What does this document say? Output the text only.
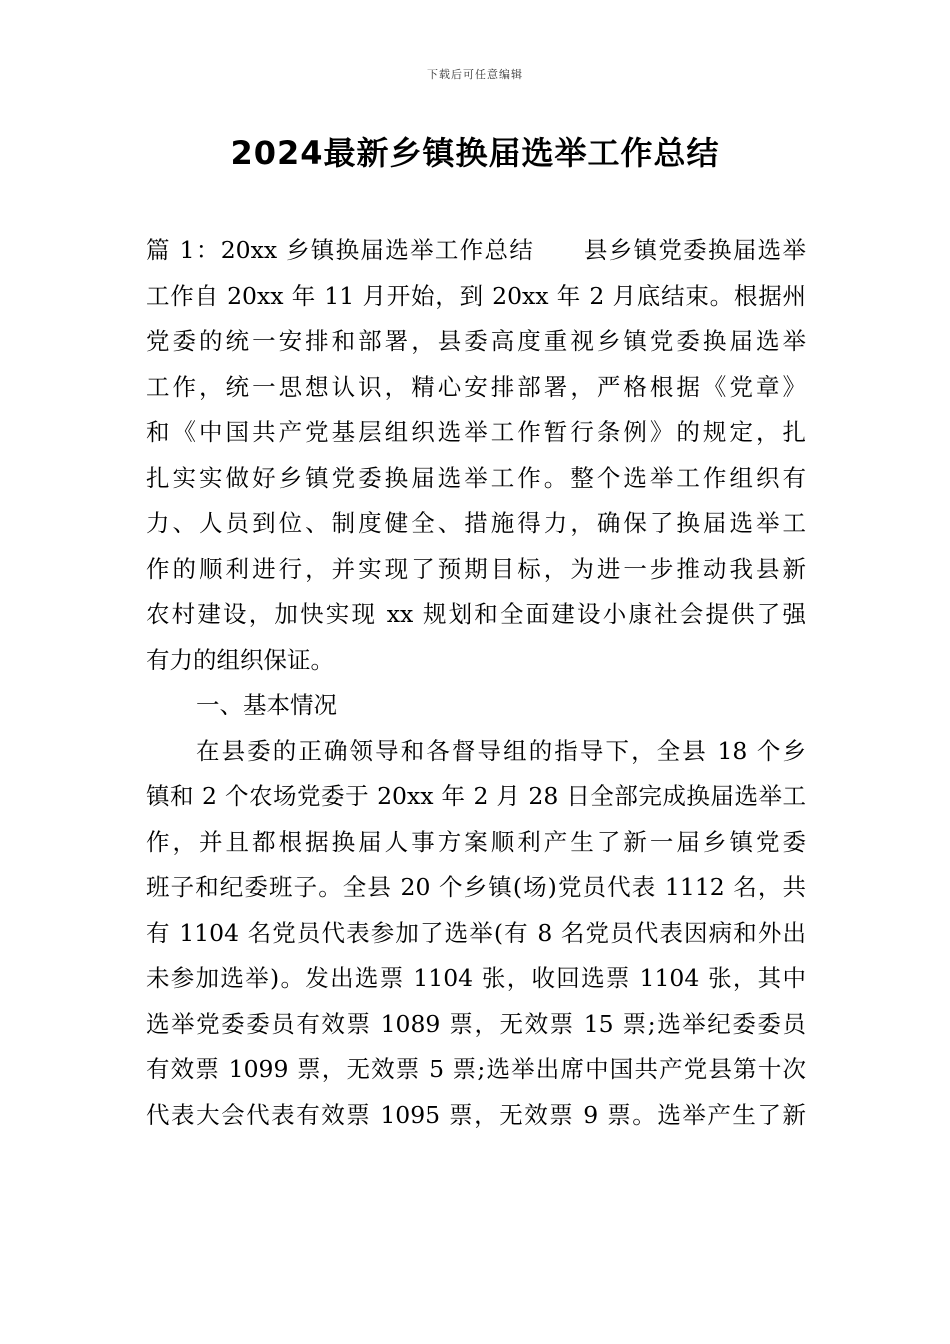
下载后可任意编辑
2024最新乡镇换届选举工作总结
篇 1：20xx 乡镇换届选举工作总结　　县乡镇党委换届选举
工作自 20xx 年 11 月开始，到 20xx 年 2 月底结束。根据州
党委的统一安排和部署，县委高度重视乡镇党委换届选举
工作，统一思想认识，精心安排部署，严格根据《党章》
和《中国共产党基层组织选举工作暂行条例》的规定，扎
扎实实做好乡镇党委换届选举工作。整个选举工作组织有
力、人员到位、制度健全、措施得力，确保了换届选举工
作的顺利进行，并实现了预期目标，为进一步推动我县新
农村建设，加快实现 xx 规划和全面建设小康社会提供了强
有力的组织保证。
一、基本情况
在县委的正确领导和各督导组的指导下，全县 18 个乡
镇和 2 个农场党委于 20xx 年 2 月 28 日全部完成换届选举工
作，并且都根据换届人事方案顺利产生了新一届乡镇党委
班子和纪委班子。全县 20 个乡镇(场)党员代表 1112 名，共
有 1104 名党员代表参加了选举(有 8 名党员代表因病和外出
未参加选举)。发出选票 1104 张，收回选票 1104 张，其中
选举党委委员有效票 1089 票，无效票 15 票;选举纪委委员
有效票 1099 票，无效票 5 票;选举出席中国共产党县第十次
代表大会代表有效票 1095 票，无效票 9 票。选举产生了新
